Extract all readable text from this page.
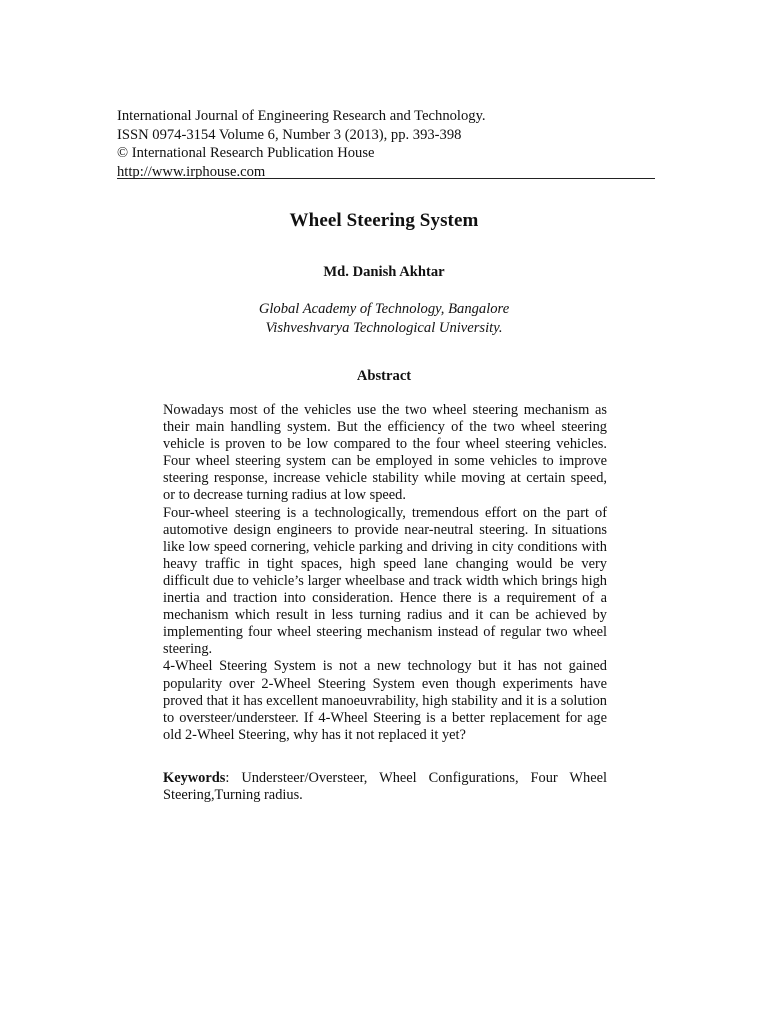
International Journal of Engineering Research and Technology.
ISSN 0974-3154 Volume 6, Number 3 (2013), pp. 393-398
© International Research Publication House
http://www.irphouse.com
Wheel Steering System
Md. Danish Akhtar
Global Academy of Technology, Bangalore
Vishveshvarya Technological University.
Abstract

Nowadays most of the vehicles use the two wheel steering mechanism as their main handling system. But the efficiency of the two wheel steering vehicle is proven to be low compared to the four wheel steering vehicles. Four wheel steering system can be employed in some vehicles to improve steering response, increase vehicle stability while moving at certain speed, or to decrease turning radius at low speed.

Four-wheel steering is a technologically, tremendous effort on the part of automotive design engineers to provide near-neutral steering. In situations like low speed cornering, vehicle parking and driving in city conditions with heavy traffic in tight spaces, high speed lane changing would be very difficult due to vehicle’s larger wheelbase and track width which brings high inertia and traction into consideration. Hence there is a requirement of a mechanism which result in less turning radius and it can be achieved by implementing four wheel steering mechanism instead of regular two wheel steering.

4-Wheel Steering System is not a new technology but it has not gained popularity over 2-Wheel Steering System even though experiments have proved that it has excellent manoeuvrability, high stability and it is a solution to oversteer/understeer. If 4-Wheel Steering is a better replacement for age old 2-Wheel Steering, why has it not replaced it yet?

Keywords: Understeer/Oversteer, Wheel Configurations, Four Wheel Steering,Turning radius.
